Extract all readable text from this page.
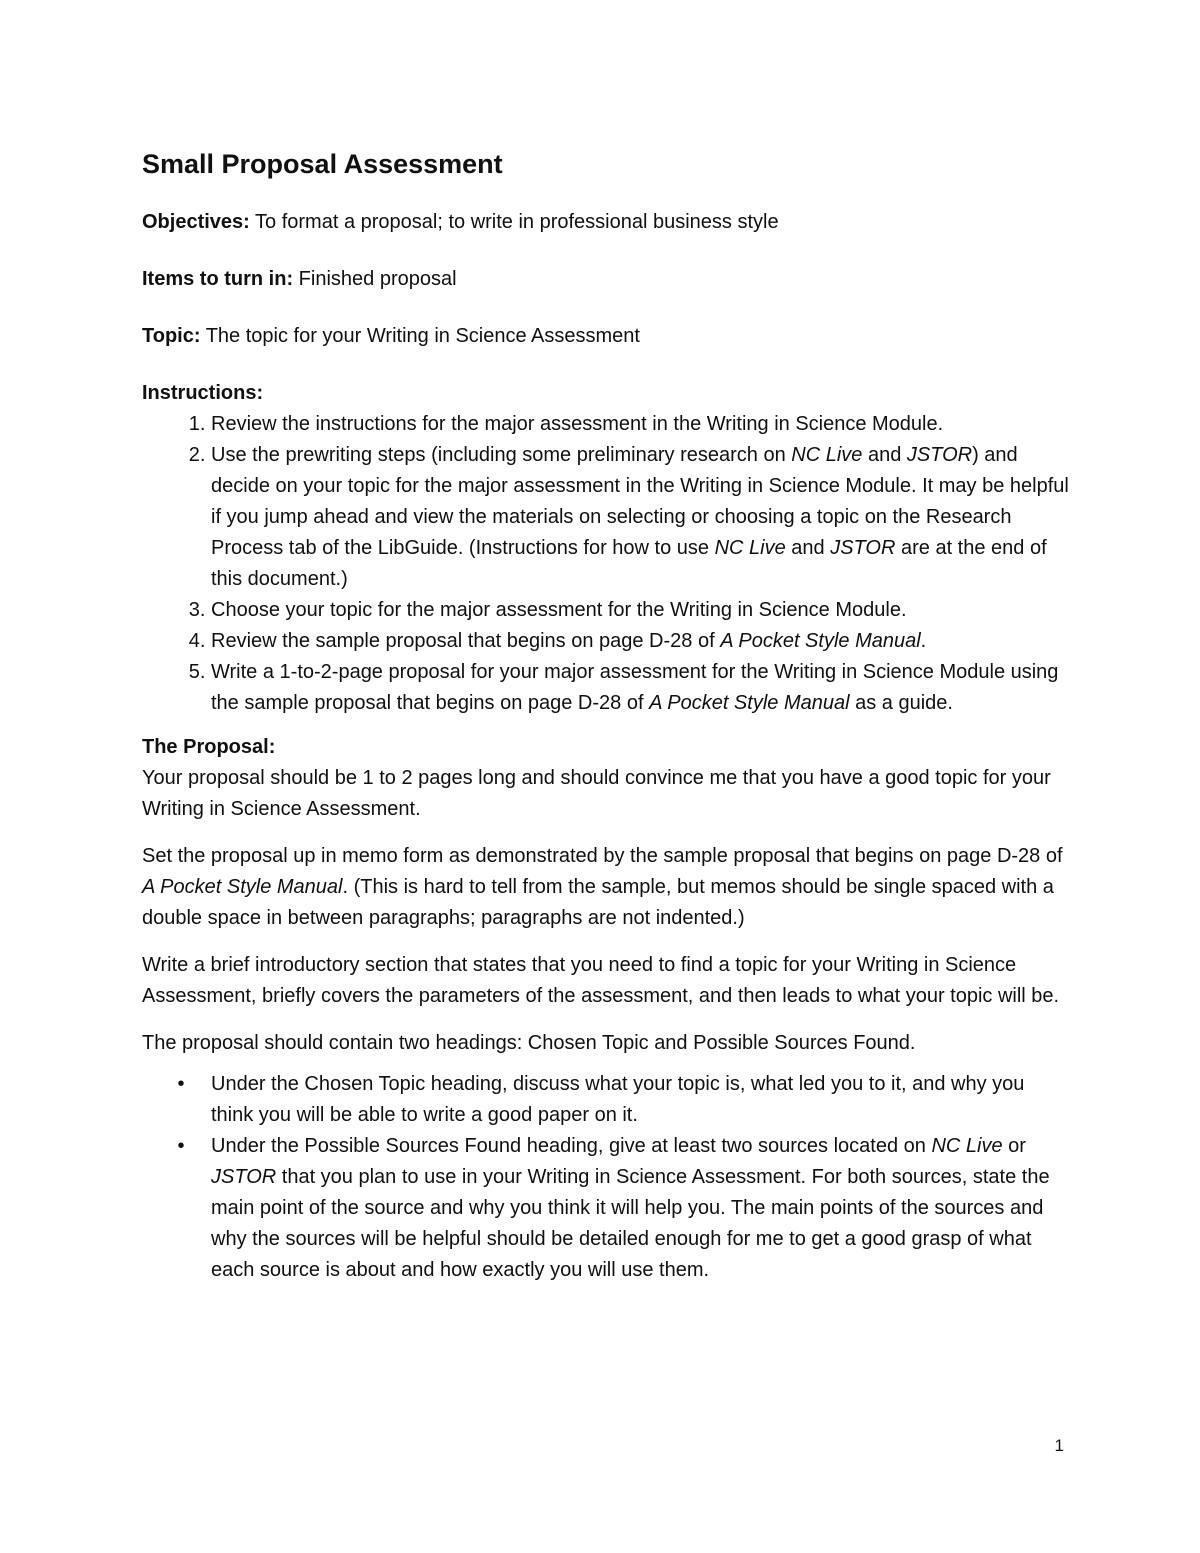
Small Proposal Assessment
Objectives: To format a proposal; to write in professional business style
Items to turn in: Finished proposal
Topic: The topic for your Writing in Science Assessment
Instructions:
1. Review the instructions for the major assessment in the Writing in Science Module.
2. Use the prewriting steps (including some preliminary research on NC Live and JSTOR) and decide on your topic for the major assessment in the Writing in Science Module. It may be helpful if you jump ahead and view the materials on selecting or choosing a topic on the Research Process tab of the LibGuide. (Instructions for how to use NC Live and JSTOR are at the end of this document.)
3. Choose your topic for the major assessment for the Writing in Science Module.
4. Review the sample proposal that begins on page D-28 of A Pocket Style Manual.
5. Write a 1-to-2-page proposal for your major assessment for the Writing in Science Module using the sample proposal that begins on page D-28 of A Pocket Style Manual as a guide.
The Proposal:

Your proposal should be 1 to 2 pages long and should convince me that you have a good topic for your Writing in Science Assessment.

Set the proposal up in memo form as demonstrated by the sample proposal that begins on page D-28 of A Pocket Style Manual. (This is hard to tell from the sample, but memos should be single spaced with a double space in between paragraphs; paragraphs are not indented.)

Write a brief introductory section that states that you need to find a topic for your Writing in Science Assessment, briefly covers the parameters of the assessment, and then leads to what your topic will be.

The proposal should contain two headings: Chosen Topic and Possible Sources Found.

•	Under the Chosen Topic heading, discuss what your topic is, what led you to it, and why you think you will be able to write a good paper on it.
•	Under the Possible Sources Found heading, give at least two sources located on NC Live or JSTOR that you plan to use in your Writing in Science Assessment. For both sources, state the main point of the source and why you think it will help you. The main points of the sources and why the sources will be helpful should be detailed enough for me to get a good grasp of what each source is about and how exactly you will use them.
1
